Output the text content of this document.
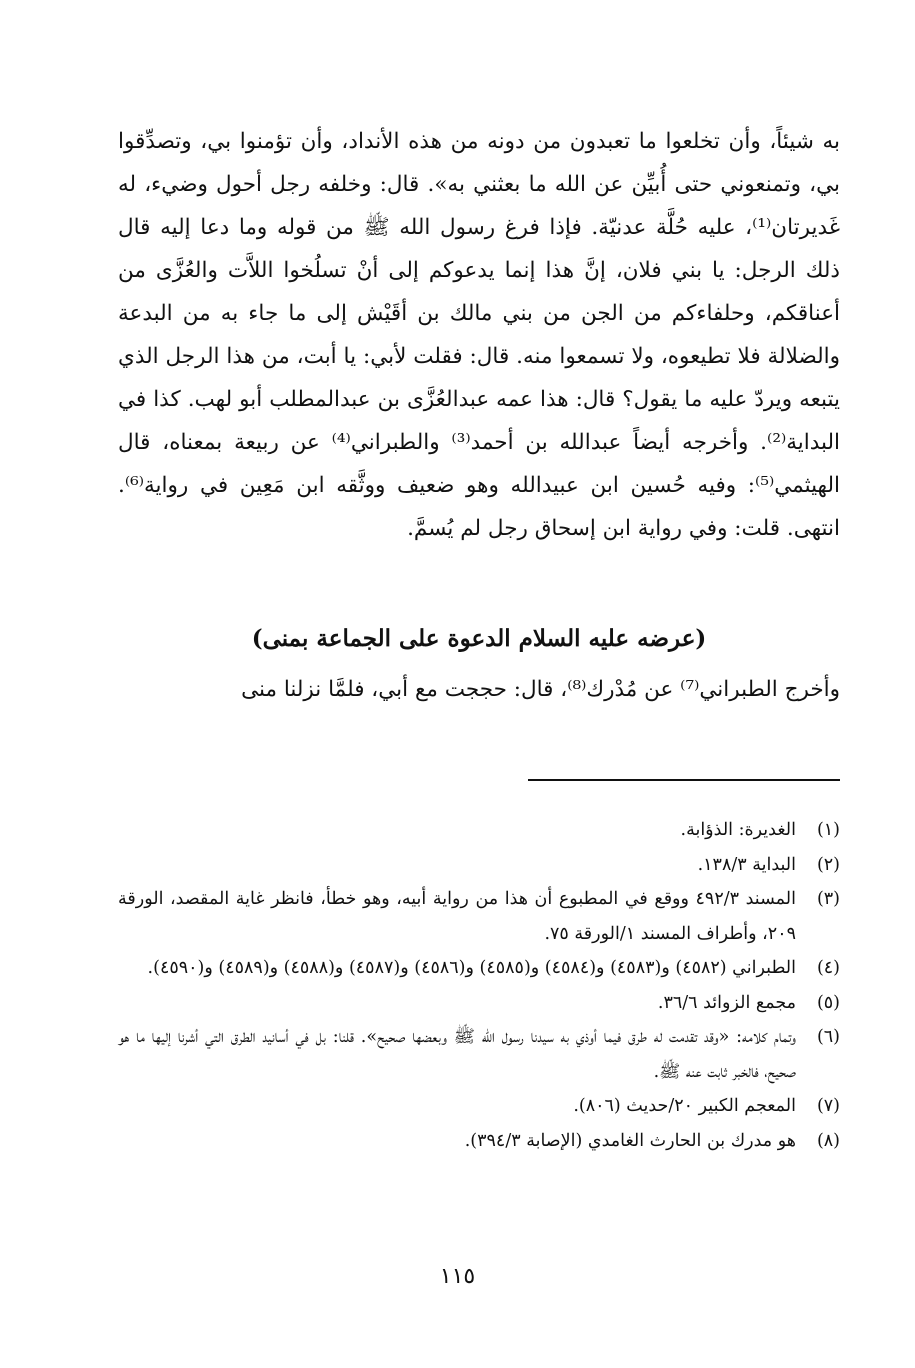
به شيئاً، وأن تخلعوا ما تعبدون من دونه من هذه الأنداد، وأن تؤمنوا بي، وتصدِّقوا بي، وتمنعوني حتى أُبيِّن عن الله ما بعثني به». قال: وخلفه رجل أحول وضيء، له غَديرتان⁽¹⁾، عليه حُلَّة عدنيّة. فإذا فرغ رسول الله ﷺ من قوله وما دعا إليه قال ذلك الرجل: يا بني فلان، إنَّ هذا إنما يدعوكم إلى أنْ تسلُخوا اللاَّت والعُزَّى من أعناقكم، وحلفاءكم من الجن من بني مالك بن أقَيْش إلى ما جاء به من البدعة والضلالة فلا تطيعوه، ولا تسمعوا منه. قال: فقلت لأبي: يا أبت، من هذا الرجل الذي يتبعه ويردّ عليه ما يقول؟ قال: هذا عمه عبدالعُزَّى بن عبدالمطلب أبو لهب. كذا في البداية⁽²⁾. وأخرجه أيضاً عبدالله بن أحمد⁽³⁾ والطبراني⁽⁴⁾ عن ربيعة بمعناه، قال الهيثمي⁽⁵⁾: وفيه حُسين ابن عبيدالله وهو ضعيف ووثَّقه ابن مَعِين في رواية⁽⁶⁾. انتهى. قلت: وفي رواية ابن إسحاق رجل لم يُسمَّ.

(عرضه عليه السلام الدعوة على الجماعة بمنى)
وأخرج الطبراني⁽⁷⁾ عن مُدْرك⁽⁸⁾، قال: حججت مع أبي، فلمَّا نزلنا منى
(١)
الغديرة: الذؤابة.
(٢)
البداية ١٣٨/٣.
(٣)
المسند ٤٩٢/٣ ووقع في المطبوع أن هذا من رواية أبيه، وهو خطأ، فانظر غاية المقصد، الورقة ٢٠٩، وأطراف المسند ١/الورقة ٧٥.
(٤)
الطبراني (٤٥٨٢) و(٤٥٨٣) و(٤٥٨٤) و(٤٥٨٥) و(٤٥٨٦) و(٤٥٨٧) و(٤٥٨٨) و(٤٥٨٩) و(٤٥٩٠).
(٥)
مجمع الزوائد ٣٦/٦.
(٦)
وتمام كلامه: «وقد تقدمت له طرق فيما أوذي به سيدنا رسول الله ﷺ وبعضها صحيح». قلنا: بل في أسانيد الطرق التي أشرنا إليها ما هو صحيح، فالخبر ثابت عنه ﷺ.
(٧)
المعجم الكبير ٢٠/حديث (٨٠٦).
(٨)
هو مدرك بن الحارث الغامدي (الإصابة ٣٩٤/٣).
١١٥
